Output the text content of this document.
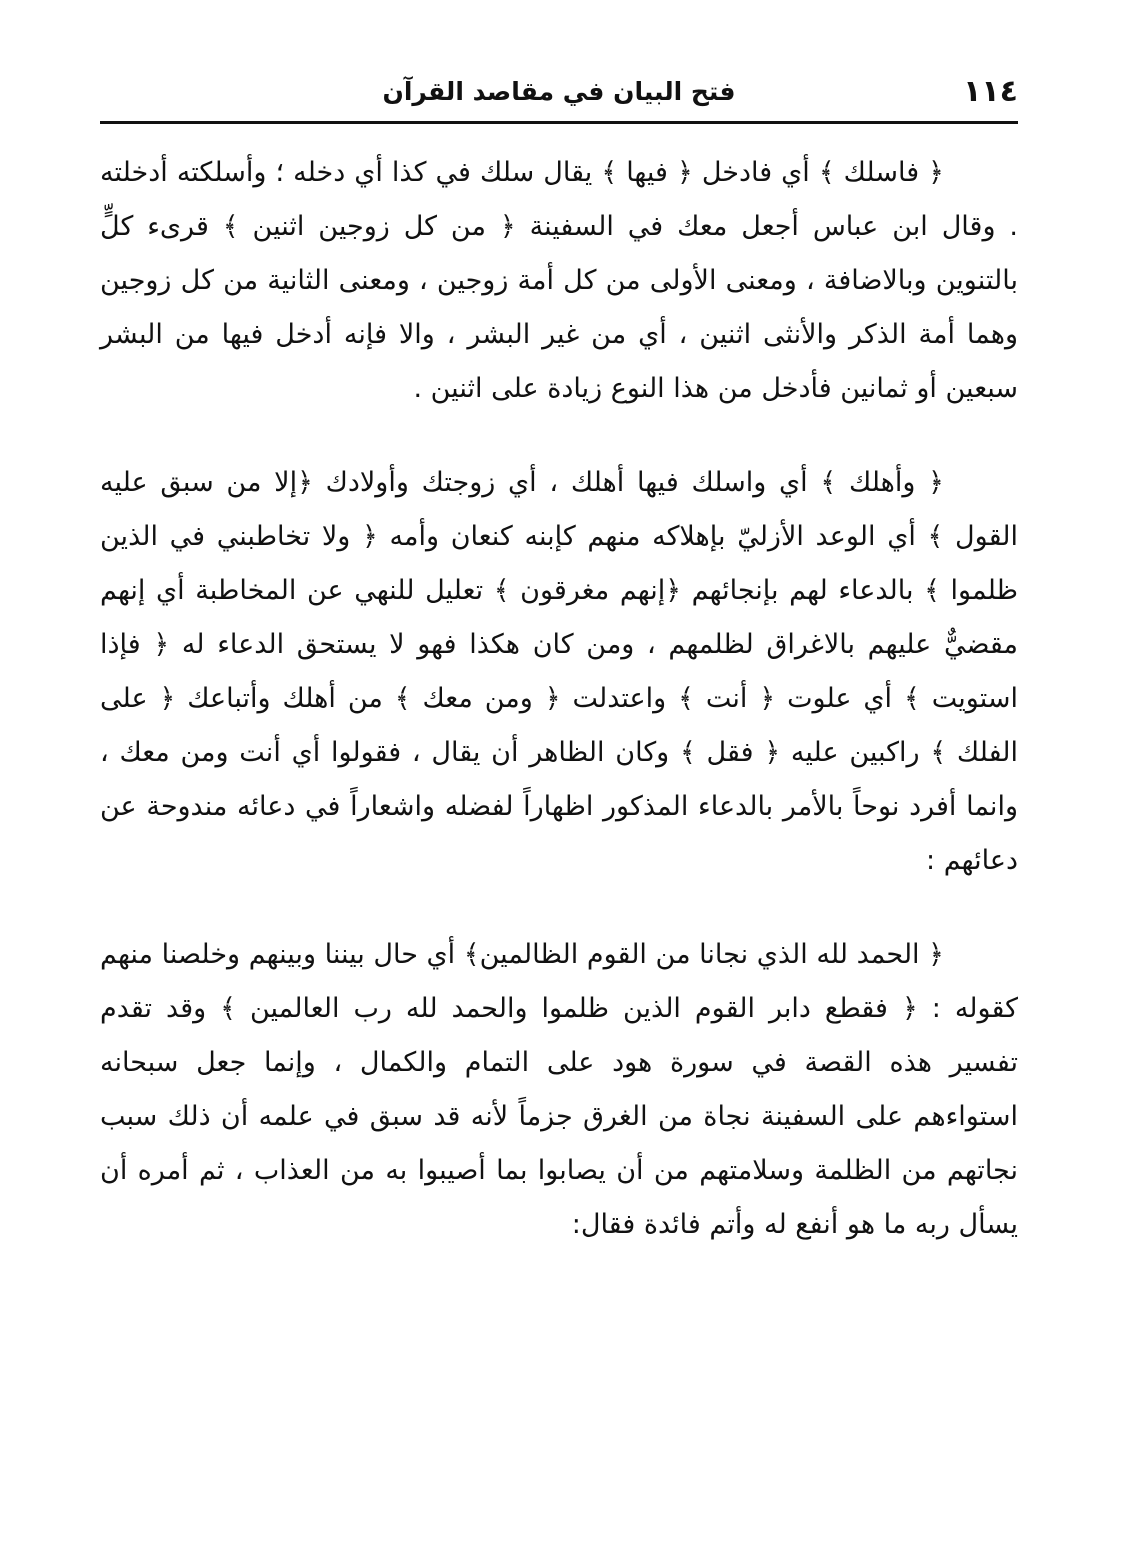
١١٤
فتح البيان في مقاصد القرآن

﴿ فاسلك ﴾ أي فادخل ﴿ فيها ﴾ يقال سلك في كذا أي دخله ؛ وأسلكته أدخلته . وقال ابن عباس أجعل معك في السفينة ﴿ من كل زوجين اثنين ﴾ قرىء كلٍّ بالتنوين وبالاضافة ، ومعنى الأولى من كل أمة زوجين ، ومعنى الثانية من كل زوجين وهما أمة الذكر والأنثى اثنين ، أي من غير البشر ، والا فإنه أدخل فيها من البشر سبعين أو ثمانين فأدخل من هذا النوع زيادة على اثنين .

﴿ وأهلك ﴾ أي واسلك فيها أهلك ، أي زوجتك وأولادك ﴿إلا من سبق عليه القول ﴾ أي الوعد الأزليّ بإهلاكه منهم كإبنه كنعان وأمه ﴿ ولا تخاطبني في الذين ظلموا ﴾ بالدعاء لهم بإنجائهم ﴿إنهم مغرقون ﴾ تعليل للنهي عن المخاطبة أي إنهم مقضيٌّ عليهم بالاغراق لظلمهم ، ومن كان هكذا فهو لا يستحق الدعاء له ﴿ فإذا استويت ﴾ أي علوت ﴿ أنت ﴾ واعتدلت ﴿ ومن معك ﴾ من أهلك وأتباعك ﴿ على الفلك ﴾ راكبين عليه ﴿ فقل ﴾ وكان الظاهر أن يقال ، فقولوا أي أنت ومن معك ، وانما أفرد نوحاً بالأمر بالدعاء المذكور اظهاراً لفضله واشعاراً في دعائه مندوحة عن دعائهم :

﴿ الحمد لله الذي نجانا من القوم الظالمين﴾ أي حال بيننا وبينهم وخلصنا منهم كقوله : ﴿ فقطع دابر القوم الذين ظلموا والحمد لله رب العالمين ﴾ وقد تقدم تفسير هذه القصة في سورة هود على التمام والكمال ، وإنما جعل سبحانه استواءهم على السفينة نجاة من الغرق جزماً لأنه قد سبق في علمه أن ذلك سبب نجاتهم من الظلمة وسلامتهم من أن يصابوا بما أصيبوا به من العذاب ، ثم أمره أن يسأل ربه ما هو أنفع له وأتم فائدة فقال:
